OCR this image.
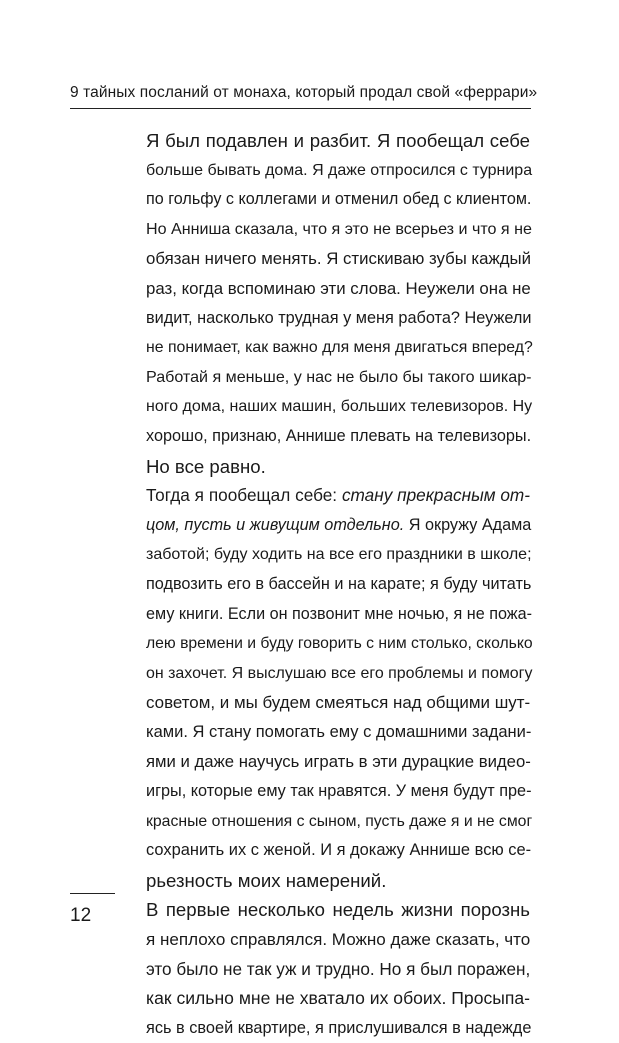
9 тайных посланий от монаха, который продал свой «феррари»
Я был подавлен и разбит. Я пообещал себе
больше бывать дома. Я даже отпросился с турнира
по гольфу с коллегами и отменил обед с клиентом.
Но Анниша сказала, что я это не всерьез и что я не
обязан ничего менять. Я стискиваю зубы каждый
раз, когда вспоминаю эти слова. Неужели она не
видит, насколько трудная у меня работа? Неужели
не понимает, как важно для меня двигаться вперед?
Работай я меньше, у нас не было бы такого шикар-
ного дома, наших машин, больших телевизоров. Ну
хорошо, признаю, Аннише плевать на телевизоры.
Но все равно.
Тогда я пообещал себе: стану прекрасным от-
цом, пусть и живущим отдельно. Я окружу Адама
заботой; буду ходить на все его праздники в школе;
подвозить его в бассейн и на карате; я буду читать
ему книги. Если он позвонит мне ночью, я не пожа-
лею времени и буду говорить с ним столько, сколько
он захочет. Я выслушаю все его проблемы и помогу
советом, и мы будем смеяться над общими шут-
ками. Я стану помогать ему с домашними задани-
ями и даже научусь играть в эти дурацкие видео-
игры, которые ему так нравятся. У меня будут пре-
красные отношения с сыном, пусть даже я и не смог
сохранить их с женой. И я докажу Аннише всю се-
рьезность моих намерений.
В первые несколько недель жизни порознь
я неплохо справлялся. Можно даже сказать, что
это было не так уж и трудно. Но я был поражен,
как сильно мне не хватало их обоих. Просыпа-
ясь в своей квартире, я прислушивался в надежде
12
